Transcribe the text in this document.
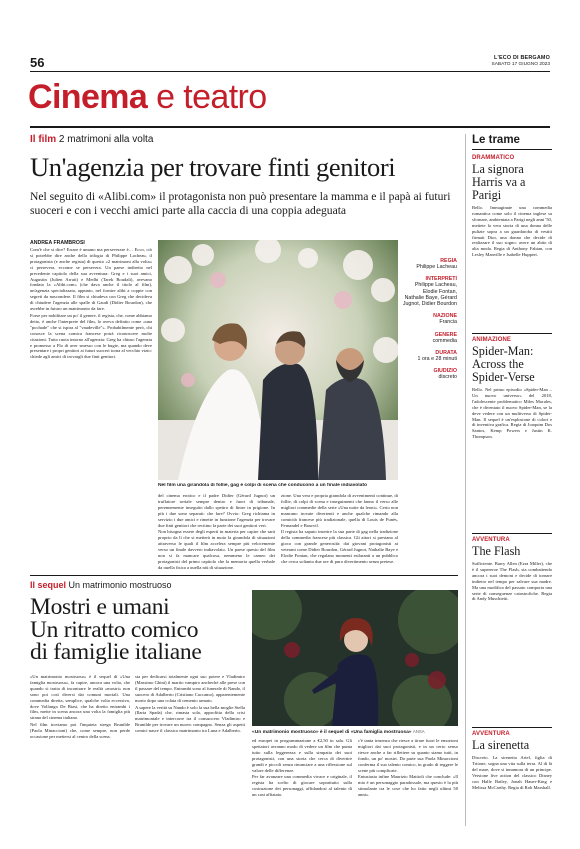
56	L'ECO DI BERGAMO
SABATO 17 GIUGNO 2023
Cinema e teatro
Il film 2 matrimoni alla volta
Un'agenzia per trovare finti genitori
Nel seguito di «Alibi.com» il protagonista non può presentare la mamma e il papà ai futuri suoceri e con i vecchi amici parte alla caccia di una coppia adeguata
ANDREA FRAMBROSI

Com'è che si dice? Errare è umano ma perseverare è… Ecco, ciò si potrebbe dire anche della trilogia di Philippe Lacheau, il protagonista (e anche regista) di questo «2 matrimoni alla volta» ci persevera, eccome se persevera. Un paese indiretto nel precedente capitolo della sua avventura: Greg e i suoi amici, Augustin (Julien Arruti) e Medhi (Tarek Boudali), avevano fondato la «Alibi.com» (che dava anche il titolo al film), un'agenzia specializzata, appunto, nel fornire alibi a coppie con segreti da nascondere. Il film si chiudeva con Greg che decideva di chiudere l'agenzia alle spalle di Gaudi (Didier Bourdon), che avrebbe in futuro un matrimonio da fare.

Forse per nobilitare un po' il genere, il regista, che, come abbiamo detto, è anche l'interprete del film, lo aveva definito come «una "pochade" che si ispira al "vaudeville"». Probabilmente però, chi conosce la scena comica francese potrà riconoscere molte citazioni. Tutto ruota intorno all'agenzia: Greg ha chiuso l'agenzia e promesso a Flo di aver smesso con le bugie, ma quando deve presentare i propri genitori ai futuri suoceri torna al vecchio vizio: chiede agli amici di trovargli due finti genitori.

Nel film una girandola di follie, gag e colpi di scena che conducono a un finale indiavolato

del cinema erotico e il padre Didier (Gérard Jugnot) un truffatore seriale sempre dentro e fuori di tribunale, perennemente inseguito dallo spettro di finire in prigione. In più i due sono separati: che fare? Ovvio: Greg richiama in servizio i due amici e rimette in funzione l'agenzia per trovare due finti genitori che recitino la parte dei suoi genitori veri.

Non bisogna essere degli esperti in materia per capire che sarà proprio da lì che si metterà in moto la girandola di situazioni attraverso le quali il film accelera sempre più velocemente verso un finale davvero indiavolato. Un paese questo del film non si fa mancare qualcosa, nemmeno le cameo dei protagonisti del primo capitolo che la memoria quella verbale da quella fisica a quella più di situazione.

zione. Una vera e propria girandola di avvenimenti continue, di follie, di colpi di scena e inseguimenti che fanno il verso alle migliori commedie della serie «Una notte da leoni». Certo non mancano trovate divertenti e anche qualche rimando alla comicità francese più tradizionale, quella di Louis de Funès, Fernandel e Bourvil.

Il regista ha saputo inserire la sua parte di gag nella tradizione della commedia francese più classica. Gli attori si prestano al gioco con grande generosità: dai giovani protagonisti ai veterani come Didier Bourdon, Gérard Jugnot, Nathalie Baye e Elodie Fontan, che regalano momenti esilaranti a un pubblico che cerca soltanto due ore di puro divertimento senza pretese.

REGIA
Philippe Lacheau
INTERPRETI
Philippe Lacheau, Elodie Fontan, Nathalie Baye, Gérard Jugnot, Didier Bourdon
NAZIONE
Francia
GENERE
commedia
DURATA
1 ora e 28 minuti
GIUDIZIO
discreto
Il sequel Un matrimonio mostruoso
Mostri e umani
Un ritratto comico
di famiglie italiane
«Un matrimonio mostruoso» è il sequel di «Una famiglia mostruosa» ANSA

«Un matrimonio mostruoso» è il sequel di «Una famiglia mostruosa», fa capire, ancora una volta, che quando si tratta di incontrare le realtà «mostri» non sono poi così diversi dai comuni mortali. Una commedia diretta, semplice, qualche volta eccessiva, dove Volfango De Biasi, che ha diretto entrambi i film, mette in scena ancora una volta la famiglia più strana del cinema italiano.

Nel film troviamo poi l'inquieta strega Brunilde (Paola Minaccioni) che, come sempre, non perde occasione per mettersi al centro della scena.

sta per dedicarsi totalmente ogni suo potere e Vladimiro (Massimo Ghini) il marito vampiro ancheché alle prese con il passare del tempo. Entrambi sono al funerale di Nando, il suocero di Adalberto (Cristiano Caccamo), apparentemente morto dopo una colata di cemento armato.

A sapere la verità su Nando è solo la sua bella moglie Stella (Ilaria Spada) che, rimasta sola, approfitta della crisi matrimoniale e intercorre tra il consuocero Vladimiro e Brunilde per trovare un nuovo compagno. Senza gli aspetti comici nasce il classico matrimonio tra Luna e Adalberto.

ed europei in programmazione a €2,50 in sala. Gli spettatori avranno modo di vedere un film che punta tutto sulla leggerezza e sulla simpatia dei suoi protagonisti, con una storia che cerca di divertire grandi e piccoli senza rinunciare a una riflessione sul valore delle differenze.

Per far avanzare una commedia vivace e originale, il regista ha scelto di giocare soprattutto sulla costruzione dei personaggi, affidandosi al talento di un cast affiatato.

c'è tanta irruenza che riesce a tirare fuori le emozioni migliori dai suoi protagonisti, e in un certo senso riesce anche a far riflettere su quanto siamo tutti, in fondo, un po' mostri. Da parte sua Paola Minaccioni conferma il suo talento comico, in grado di reggere le scene più complicate.

Entusiasta infine Maurizio Mattioli che conclude: «Il mio è un personaggio paradossale, ma questo è la più stimolante tra le cose che ho fatto negli ultimi 50 anni».

Le trame
DRAMMATICO
La signora Harris va a Parigi
Bello. Immaginate una commedia romantica come solo il cinema inglese sa sfornare, ambientata a Parigi negli anni '50, mettete la vera storia di una donna delle pulizie sopra a un guardaroba di vestiti firmati Dior, una donna che decide di realizzare il suo sogno: avere un abito di alta moda. Regia di Anthony Fabian, con Lesley Manville e Isabelle Huppert.
ANIMAZIONE
Spider-Man: Across the Spider-Verse
Bello. Nel primo episodio «Spider-Man – Un nuovo universo» del 2018, l'adolescente problematico Miles Morales, che è diventato il nuovo Spider-Man, se la deve vedere con un multiverso di Spider-Man. Il sequel è un'esplosione di colori e di inventiva grafica. Regia di Joaquim Dos Santos, Kemp Powers e Justin K. Thompson.
AVVENTURA
The Flash
Sufficiente. Barry Allen (Ezra Miller), che è il supereroe The Flash, sta combattendo ancora i suoi demoni e decide di tornare indietro nel tempo per salvare sua madre. Ma una modifica del passato comporta una serie di conseguenze catastrofiche. Regia di Andy Muschietti.
AVVENTURA
La sirenetta
Discreto. La sirenetta Ariel, figlia di Tritone, sogna una vita sulla terra. Al di là del mare, dove si innamora di un principe. Versione live action del classico Disney con Halle Bailey, Jonah Hauer-King e Melissa McCarthy. Regia di Rob Marshall.
